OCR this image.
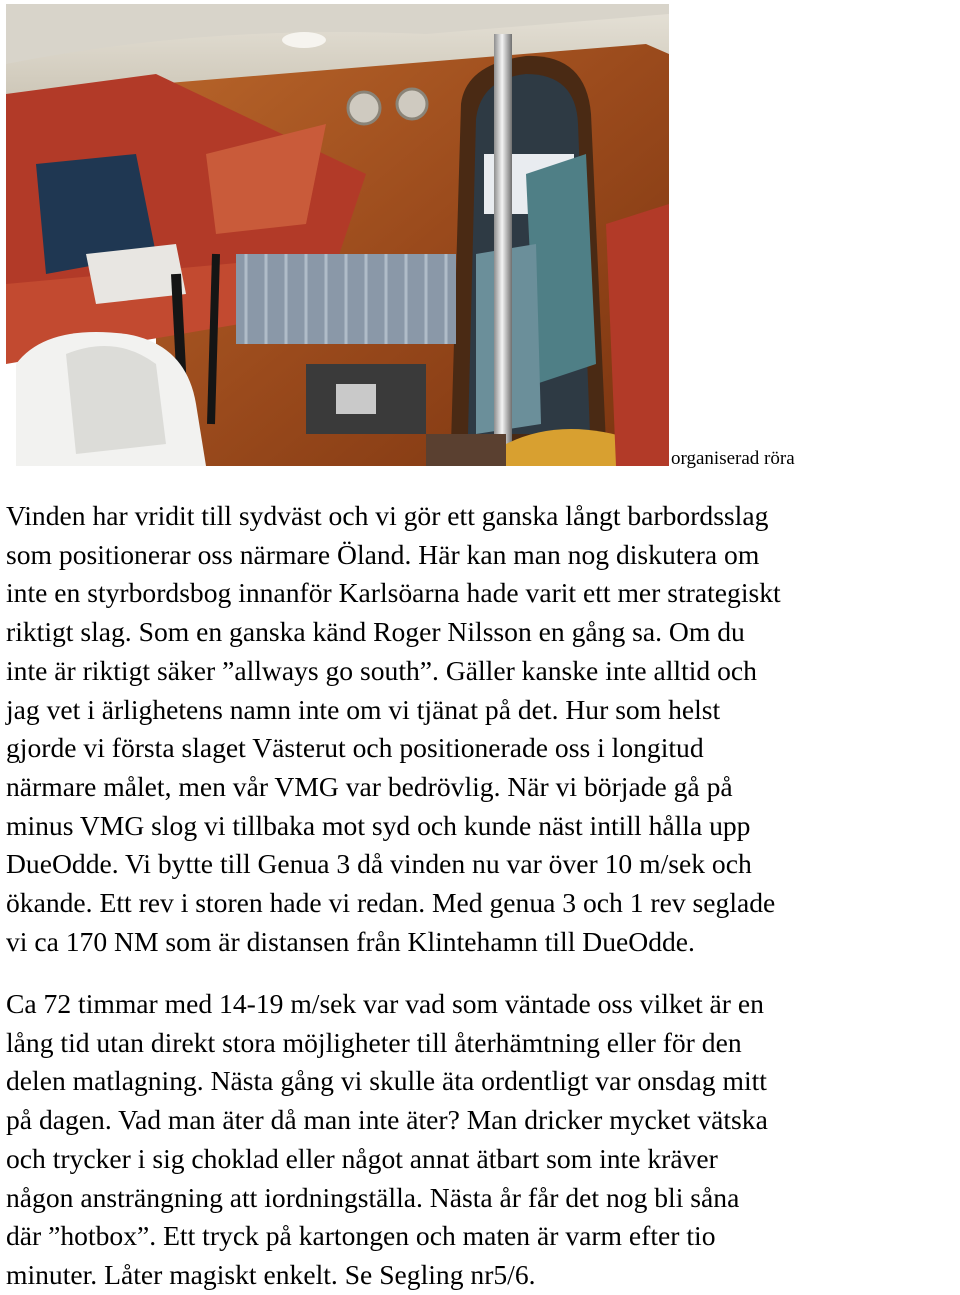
organiserad röra

Vinden har vridit till sydväst och vi gör ett ganska långt barbordsslag
som positionerar oss närmare Öland. Här kan man nog diskutera om
inte en styrbordsbog innanför Karlsöarna hade varit ett mer strategiskt
riktigt slag. Som en ganska känd Roger Nilsson en gång sa. Om du
inte är riktigt säker ”allways go south”. Gäller kanske inte alltid och
jag vet i ärlighetens namn inte om vi tjänat på det. Hur som helst
gjorde vi första slaget Västerut och positionerade oss i longitud
närmare målet, men vår VMG var bedrövlig. När vi började gå på
minus VMG slog vi tillbaka mot syd och kunde näst intill hålla upp
DueOdde. Vi bytte till Genua 3 då vinden nu var över 10 m/sek och
ökande. Ett rev i storen hade vi redan. Med genua 3 och 1 rev seglade
vi ca 170 NM som är distansen från Klintehamn till DueOdde.

Ca 72 timmar med 14-19 m/sek var vad som väntade oss vilket är en
lång tid utan direkt stora möjligheter till återhämtning eller för den
delen matlagning. Nästa gång vi skulle äta ordentligt var onsdag mitt
på dagen. Vad man äter då man inte äter? Man dricker mycket vätska
och trycker i sig choklad eller något annat ätbart som inte kräver
någon ansträngning att iordningställa. Nästa år får det nog bli såna
där ”hotbox”. Ett tryck på kartongen och maten är varm efter tio
minuter. Låter magiskt enkelt. Se Segling nr5/6.
